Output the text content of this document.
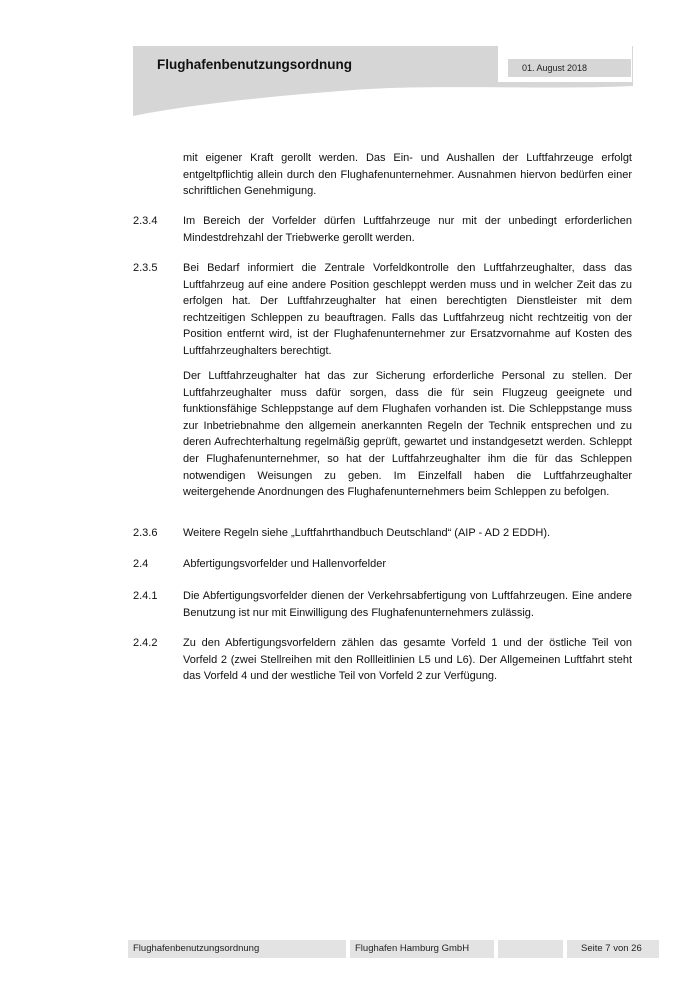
Flughafenbenutzungsordnung	01. August 2018
mit eigener Kraft gerollt werden. Das Ein- und Aushallen der Luftfahrzeuge erfolgt entgeltpflichtig allein durch den Flughafenunternehmer. Ausnahmen hiervon bedürfen einer schriftlichen Genehmigung.
2.3.4 Im Bereich der Vorfelder dürfen Luftfahrzeuge nur mit der unbedingt erforderlichen Mindestdrehzahl der Triebwerke gerollt werden.
2.3.5 Bei Bedarf informiert die Zentrale Vorfeldkontrolle den Luftfahrzeughalter, dass das Luftfahrzeug auf eine andere Position geschleppt werden muss und in welcher Zeit das zu erfolgen hat. Der Luftfahrzeughalter hat einen berechtigten Dienstleister mit dem rechtzeitigen Schleppen zu beauftragen. Falls das Luftfahrzeug nicht rechtzeitig von der Position entfernt wird, ist der Flughafenunternehmer zur Ersatzvornahme auf Kosten des Luftfahrzeughalters berechtigt.
Der Luftfahrzeughalter hat das zur Sicherung erforderliche Personal zu stellen. Der Luftfahrzeughalter muss dafür sorgen, dass die für sein Flugzeug geeignete und funktionsfähige Schleppstange auf dem Flughafen vorhanden ist. Die Schleppstange muss zur Inbetriebnahme den allgemein anerkannten Regeln der Technik entsprechen und zu deren Aufrechterhaltung regelmäßig geprüft, gewartet und instandgesetzt werden. Schleppt der Flughafenunternehmer, so hat der Luftfahrzeughalter ihm die für das Schleppen notwendigen Weisungen zu geben. Im Einzelfall haben die Luftfahrzeughalter weitergehende Anordnungen des Flughafenunternehmers beim Schleppen zu befolgen.
2.3.6 Weitere Regeln siehe „Luftfahrthandbuch Deutschland“ (AIP - AD 2 EDDH).
2.4	Abfertigungsvorfelder und Hallenvorfelder
2.4.1 Die Abfertigungsvorfelder dienen der Verkehrsabfertigung von Luftfahrzeugen. Eine andere Benutzung ist nur mit Einwilligung des Flughafenunternehmers zulässig.
2.4.2 Zu den Abfertigungsvorfeldern zählen das gesamte Vorfeld 1 und der östliche Teil von Vorfeld 2 (zwei Stellreihen mit den Rollleitlinien L5 und L6). Der Allgemeinen Luftfahrt steht das Vorfeld 4 und der westliche Teil von Vorfeld 2 zur Verfügung.
Flughafenbenutzungsordnung	Flughafen Hamburg GmbH	Seite 7 von 26
